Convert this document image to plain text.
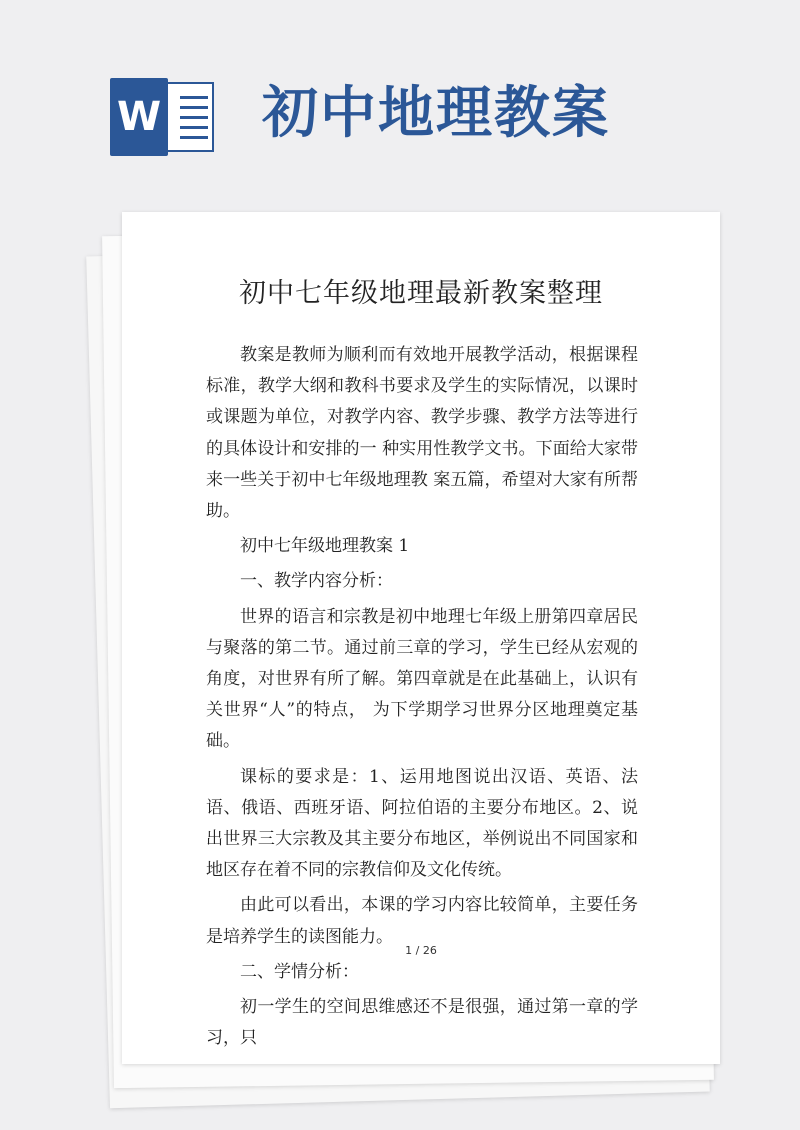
W 初中地理教案
初中七年级地理最新教案整理

教案是教师为顺利而有效地开展教学活动，根据课程标准，教学大纲和教科书要求及学生的实际情况，以课时或课题为单位，对教学内容、教学步骤、教学方法等进行的具体设计和安排的一 种实用性教学文书。下面给大家带来一些关于初中七年级地理教 案五篇，希望对大家有所帮助。

初中七年级地理教案 1

一、教学内容分析：

世界的语言和宗教是初中地理七年级上册第四章居民与聚落的第二节。通过前三章的学习，学生已经从宏观的角度，对世界有所了解。第四章就是在此基础上，认识有关世界“人”的特点， 为下学期学习世界分区地理奠定基础。

课标的要求是：1、运用地图说出汉语、英语、法语、俄语、西班牙语、阿拉伯语的主要分布地区。2、说出世界三大宗教及其主要分布地区，举例说出不同国家和地区存在着不同的宗教信仰及文化传统。

由此可以看出，本课的学习内容比较简单，主要任务是培养学生的读图能力。

二、学情分析：

初一学生的空间思维感还不是很强，通过第一章的学习，只

1 / 26
